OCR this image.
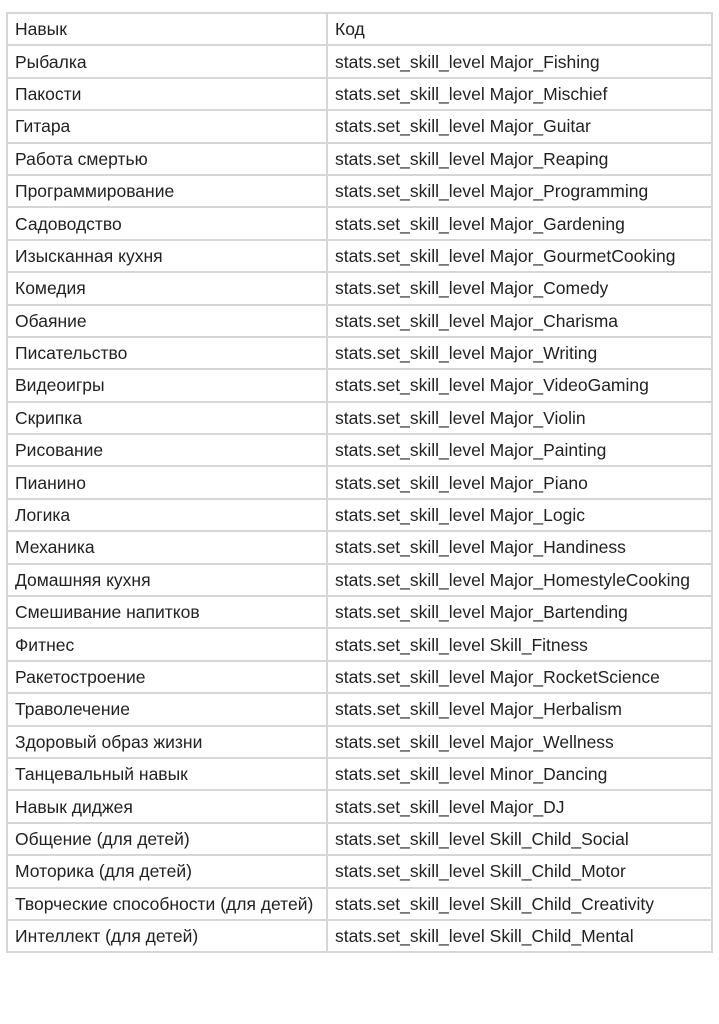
Навык	Код
Рыбалка	stats.set_skill_level Major_Fishing
Пакости	stats.set_skill_level Major_Mischief
Гитара	stats.set_skill_level Major_Guitar
Работа смертью	stats.set_skill_level Major_Reaping
Программирование	stats.set_skill_level Major_Programming
Садоводство	stats.set_skill_level Major_Gardening
Изысканная кухня	stats.set_skill_level Major_GourmetCooking
Комедия	stats.set_skill_level Major_Comedy
Обаяние	stats.set_skill_level Major_Charisma
Писательство	stats.set_skill_level Major_Writing
Видеоигры	stats.set_skill_level Major_VideoGaming
Скрипка	stats.set_skill_level Major_Violin
Рисование	stats.set_skill_level Major_Painting
Пианино	stats.set_skill_level Major_Piano
Логика	stats.set_skill_level Major_Logic
Механика	stats.set_skill_level Major_Handiness
Домашняя кухня	stats.set_skill_level Major_HomestyleCooking
Смешивание напитков	stats.set_skill_level Major_Bartending
Фитнес	stats.set_skill_level Skill_Fitness
Ракетостроение	stats.set_skill_level Major_RocketScience
Траволечение	stats.set_skill_level Major_Herbalism
Здоровый образ жизни	stats.set_skill_level Major_Wellness
Танцевальный навык	stats.set_skill_level Minor_Dancing
Навык диджея	stats.set_skill_level Major_DJ
Общение (для детей)	stats.set_skill_level Skill_Child_Social
Моторика (для детей)	stats.set_skill_level Skill_Child_Motor
Творческие способности (для детей)	stats.set_skill_level Skill_Child_Creativity
Интеллект (для детей)	stats.set_skill_level Skill_Child_Mental
